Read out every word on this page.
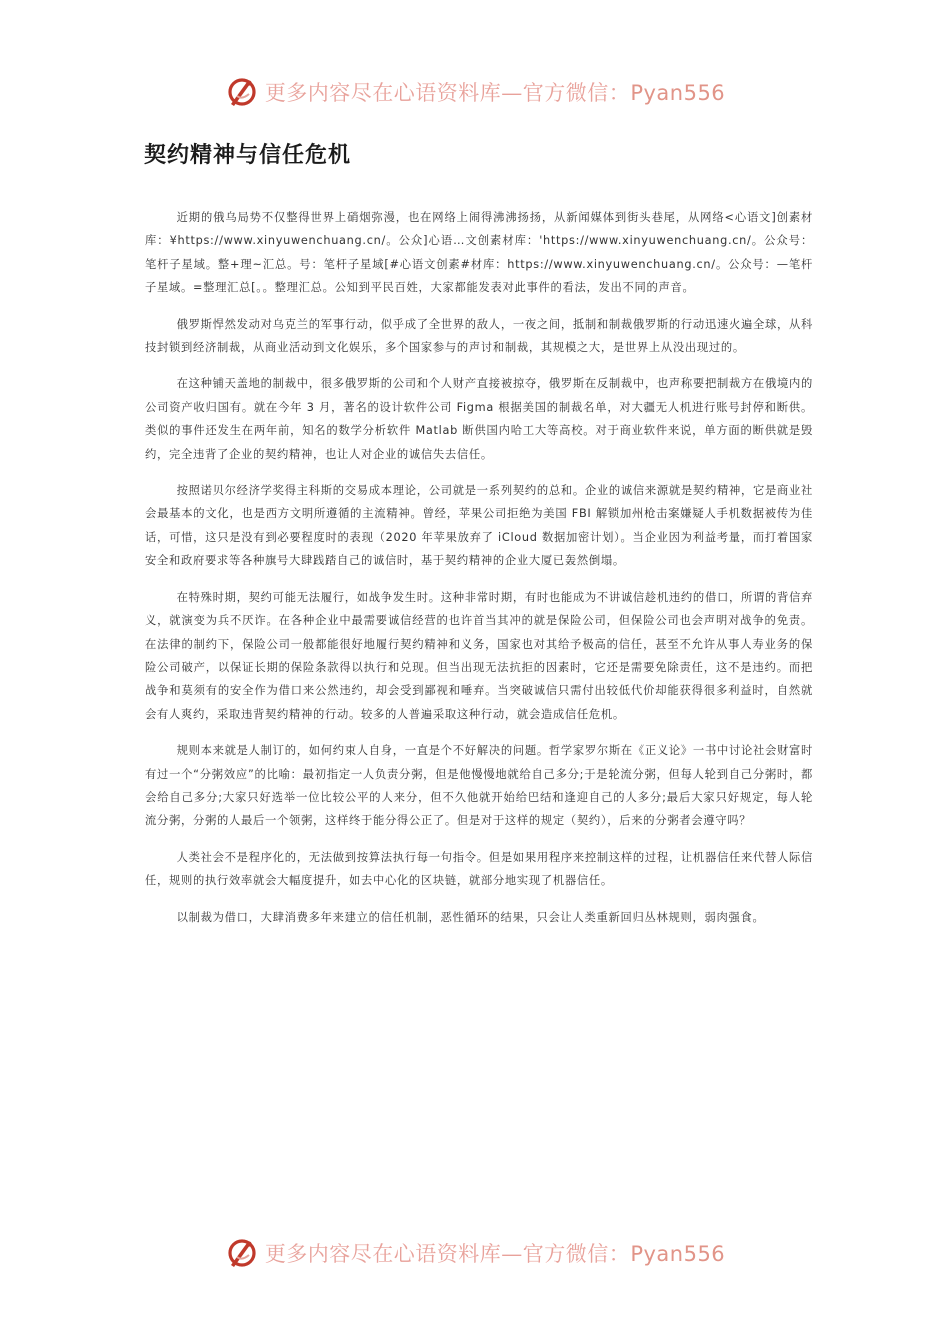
更多内容尽在心语资料库—官方微信：Pyan556
契约精神与信任危机

近期的俄乌局势不仅整得世界上硝烟弥漫，也在网络上闹得沸沸扬扬，从新闻媒体到街头巷尾，从网络<心语文]创素材库：¥https://www.xinyuwenchuang.cn/。公众]心语…文创素材库：'https://www.xinyuwenchuang.cn/。公众号：笔杆子星域。整+理~汇总。号：笔杆子星域[#心语文创素#材库：https://www.xinyuwenchuang.cn/。公众号：—笔杆子星域。=整理汇总[。。整理汇总。公知到平民百姓，大家都能发表对此事件的看法，发出不同的声音。

俄罗斯悍然发动对乌克兰的军事行动，似乎成了全世界的敌人，一夜之间，抵制和制裁俄罗斯的行动迅速火遍全球，从科技封锁到经济制裁，从商业活动到文化娱乐，多个国家参与的声讨和制裁，其规模之大，是世界上从没出现过的。

在这种铺天盖地的制裁中，很多俄罗斯的公司和个人财产直接被掠夺，俄罗斯在反制裁中，也声称要把制裁方在俄境内的公司资产收归国有。就在今年 3 月，著名的设计软件公司 Figma 根据美国的制裁名单，对大疆无人机进行账号封停和断供。类似的事件还发生在两年前，知名的数学分析软件 Matlab 断供国内哈工大等高校。对于商业软件来说，单方面的断供就是毁约，完全违背了企业的契约精神，也让人对企业的诚信失去信任。

按照诺贝尔经济学奖得主科斯的交易成本理论，公司就是一系列契约的总和。企业的诚信来源就是契约精神，它是商业社会最基本的文化，也是西方文明所遵循的主流精神。曾经，苹果公司拒绝为美国 FBI 解锁加州枪击案嫌疑人手机数据被传为佳话，可惜，这只是没有到必要程度时的表现（2020 年苹果放弃了 iCloud 数据加密计划）。当企业因为利益考量，而打着国家安全和政府要求等各种旗号大肆践踏自己的诚信时，基于契约精神的企业大厦已轰然倒塌。

在特殊时期，契约可能无法履行，如战争发生时。这种非常时期，有时也能成为不讲诚信趁机违约的借口，所谓的背信弃义，就演变为兵不厌诈。在各种企业中最需要诚信经营的也许首当其冲的就是保险公司，但保险公司也会声明对战争的免责。在法律的制约下，保险公司一般都能很好地履行契约精神和义务，国家也对其给予极高的信任，甚至不允许从事人寿业务的保险公司破产，以保证长期的保险条款得以执行和兑现。但当出现无法抗拒的因素时，它还是需要免除责任，这不是违约。而把战争和莫须有的安全作为借口来公然违约，却会受到鄙视和唾弃。当突破诚信只需付出较低代价却能获得很多利益时，自然就会有人爽约，采取违背契约精神的行动。较多的人普遍采取这种行动，就会造成信任危机。

规则本来就是人制订的，如何约束人自身，一直是个不好解决的问题。哲学家罗尔斯在《正义论》一书中讨论社会财富时有过一个“分粥效应”的比喻：最初指定一人负责分粥，但是他慢慢地就给自己多分;于是轮流分粥，但每人轮到自己分粥时，都会给自己多分;大家只好选举一位比较公平的人来分，但不久他就开始给巴结和逢迎自己的人多分;最后大家只好规定，每人轮流分粥，分粥的人最后一个领粥，这样终于能分得公正了。但是对于这样的规定（契约），后来的分粥者会遵守吗？

人类社会不是程序化的，无法做到按算法执行每一句指令。但是如果用程序来控制这样的过程，让机器信任来代替人际信任，规则的执行效率就会大幅度提升，如去中心化的区块链，就部分地实现了机器信任。

以制裁为借口，大肆消费多年来建立的信任机制，恶性循环的结果，只会让人类重新回归丛林规则，弱肉强食。

更多内容尽在心语资料库—官方微信：Pyan556
